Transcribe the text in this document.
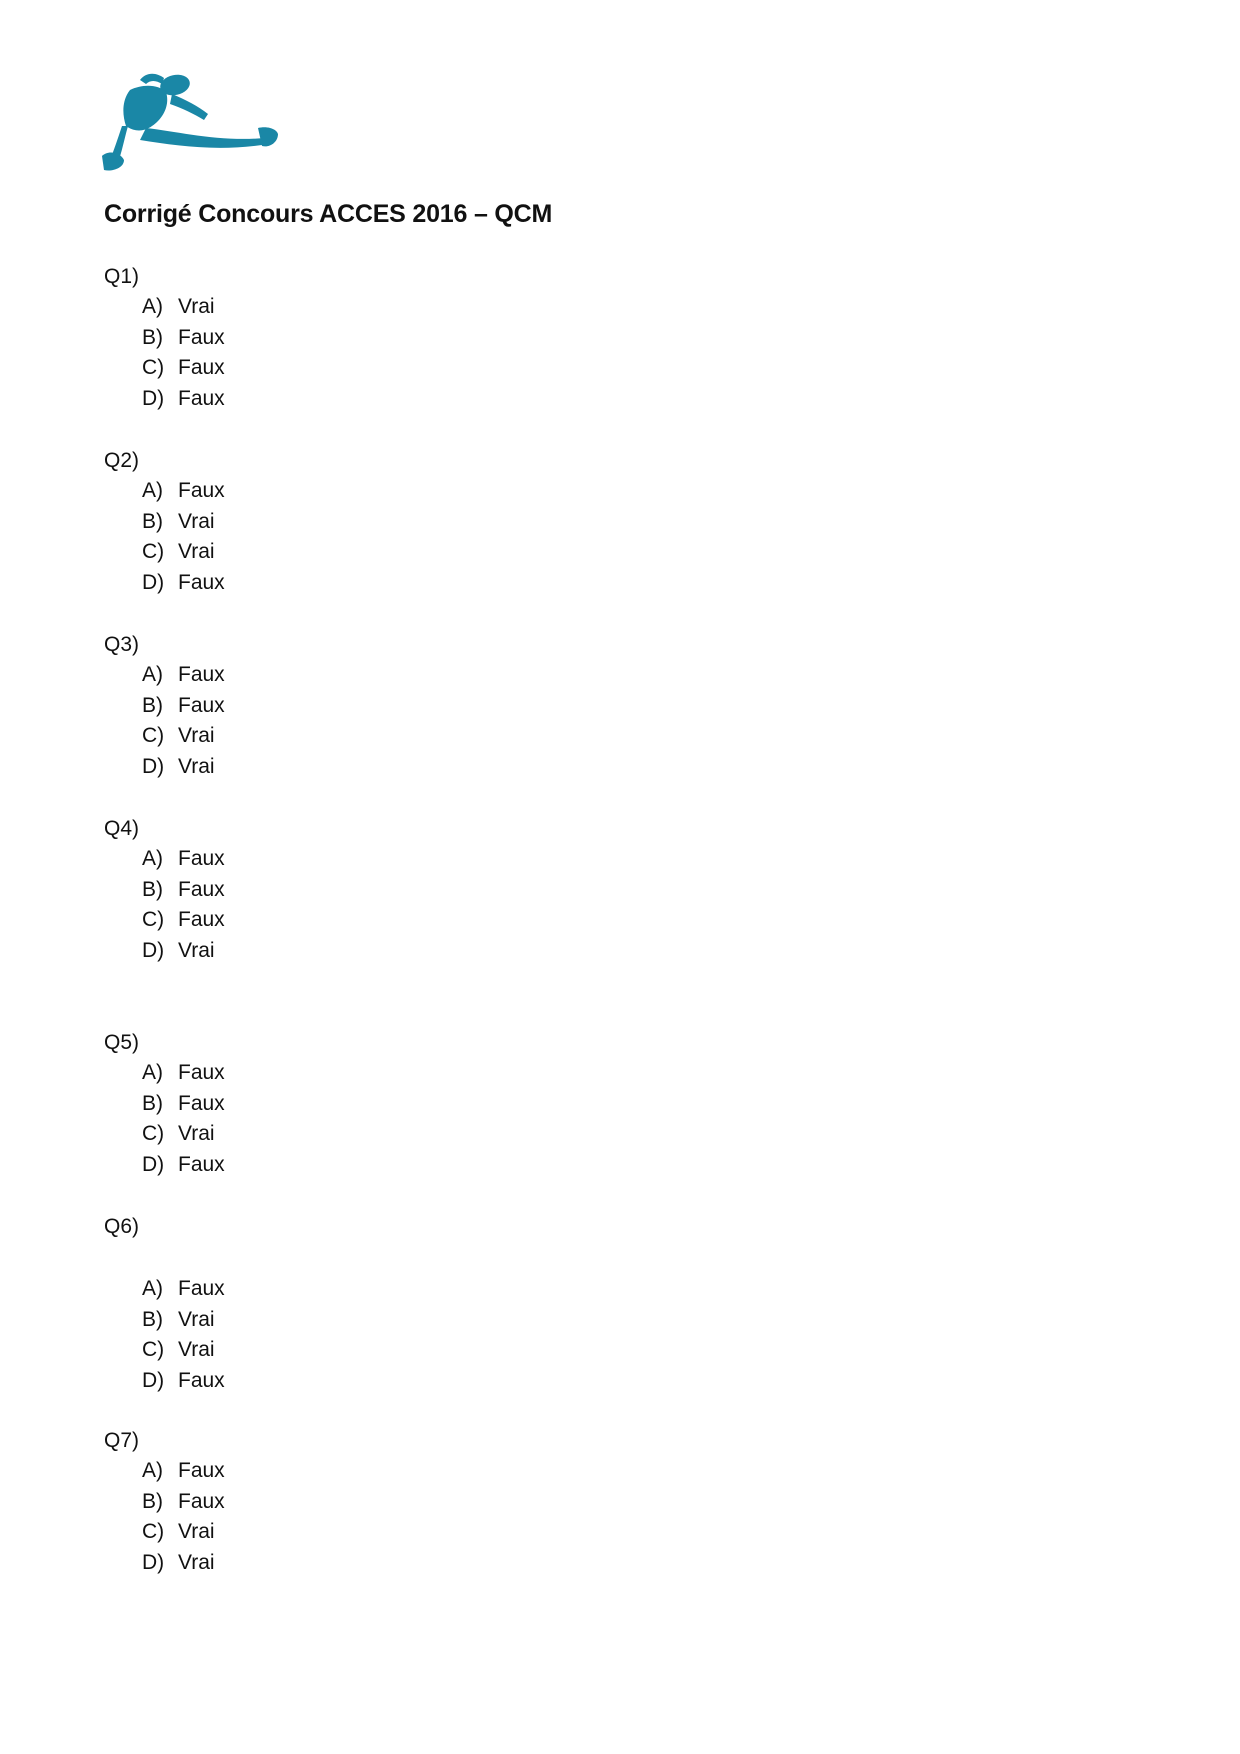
Corrigé Concours ACCES 2016 – QCM
Q1)
A) Vrai
B) Faux
C) Faux
D) Faux
Q2)
A) Faux
B) Vrai
C) Vrai
D) Faux
Q3)
A) Faux
B) Faux
C) Vrai
D) Vrai
Q4)
A) Faux
B) Faux
C) Faux
D) Vrai
Q5)
A) Faux
B) Faux
C) Vrai
D) Faux
Q6)
A) Faux
B) Vrai
C) Vrai
D) Faux
Q7)
A) Faux
B) Faux
C) Vrai
D) Vrai
